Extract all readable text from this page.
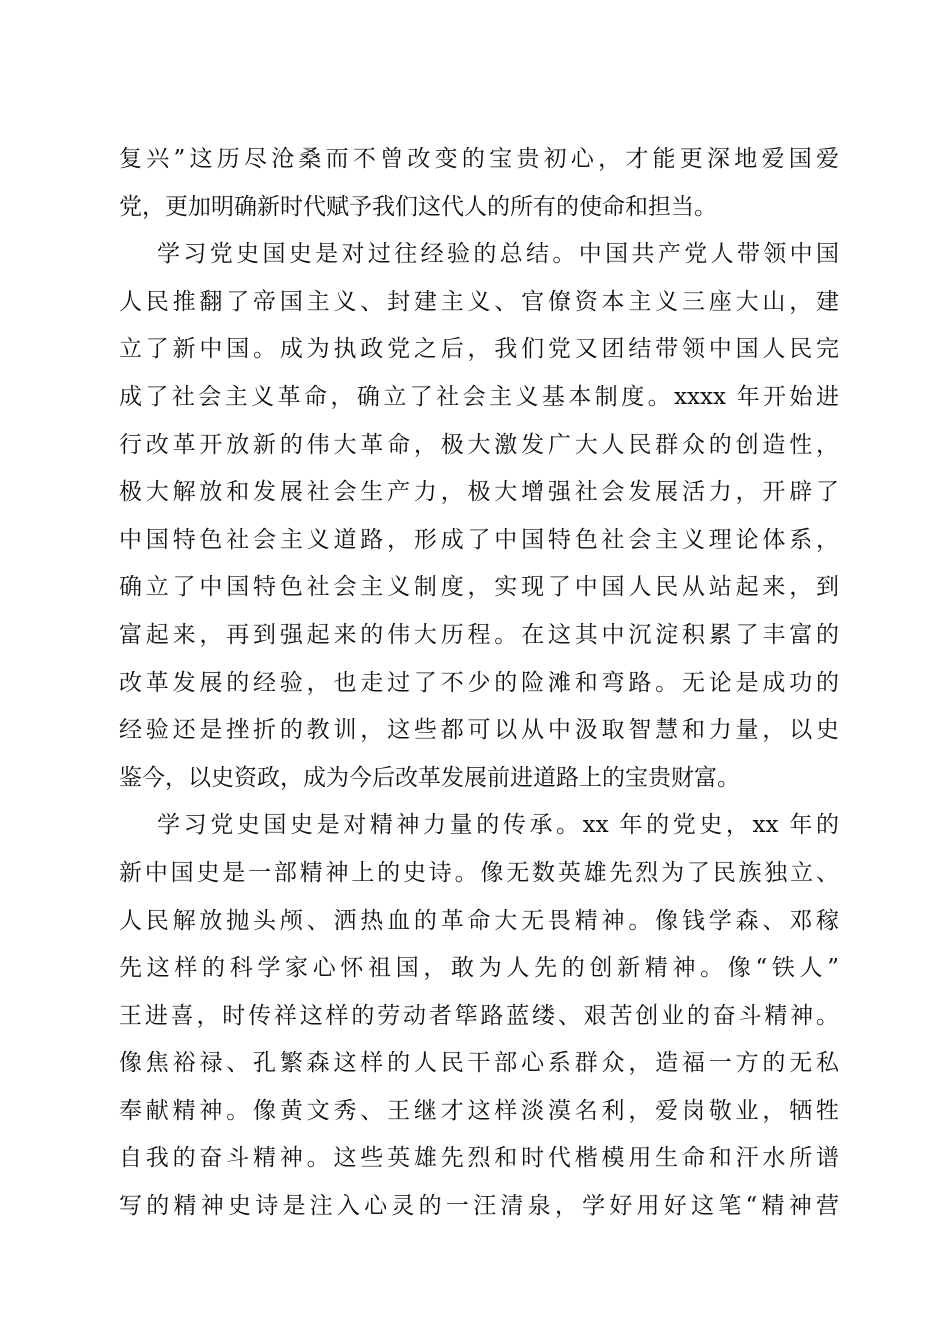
复兴”这历尽沧桑而不曾改变的宝贵初心，才能更深地爱国爱
党，更加明确新时代赋予我们这代人的所有的使命和担当。
学习党史国史是对过往经验的总结。中国共产党人带领中国
人民推翻了帝国主义、封建主义、官僚资本主义三座大山，建
立了新中国。成为执政党之后，我们党又团结带领中国人民完
成了社会主义革命，确立了社会主义基本制度。xxxx 年开始进
行改革开放新的伟大革命，极大激发广大人民群众的创造性，
极大解放和发展社会生产力，极大增强社会发展活力，开辟了
中国特色社会主义道路，形成了中国特色社会主义理论体系，
确立了中国特色社会主义制度，实现了中国人民从站起来，到
富起来，再到强起来的伟大历程。在这其中沉淀积累了丰富的
改革发展的经验，也走过了不少的险滩和弯路。无论是成功的
经验还是挫折的教训，这些都可以从中汲取智慧和力量，以史
鉴今，以史资政，成为今后改革发展前进道路上的宝贵财富。
学习党史国史是对精神力量的传承。xx 年的党史，xx 年的
新中国史是一部精神上的史诗。像无数英雄先烈为了民族独立、
人民解放抛头颅、洒热血的革命大无畏精神。像钱学森、邓稼
先这样的科学家心怀祖国，敢为人先的创新精神。像“铁人”
王进喜，时传祥这样的劳动者筚路蓝缕、艰苦创业的奋斗精神。
像焦裕禄、孔繁森这样的人民干部心系群众，造福一方的无私
奉献精神。像黄文秀、王继才这样淡漠名利，爱岗敬业，牺牲
自我的奋斗精神。这些英雄先烈和时代楷模用生命和汗水所谱
写的精神史诗是注入心灵的一汪清泉，学好用好这笔“精神营
